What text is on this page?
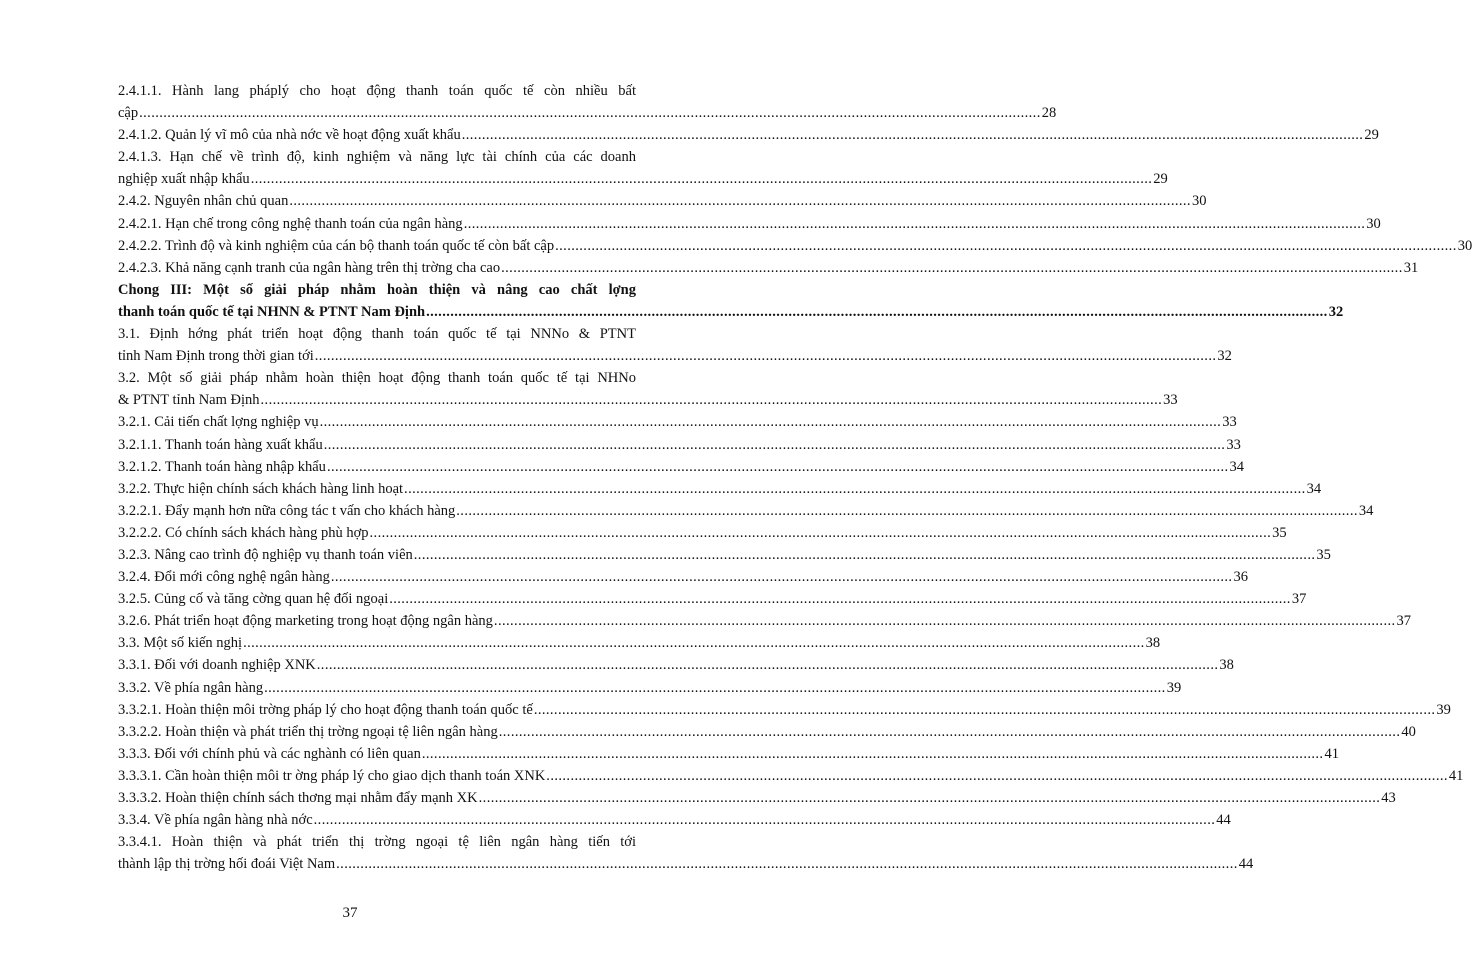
2.4.1.1. Hành lang pháplý cho hoạt động thanh toán quốc tế còn nhiều bất
cập .....	28
2.4.1.2. Quản lý vĩ mô của nhà nớc về hoạt động xuất khẩu .....	29
2.4.1.3. Hạn chế về trình độ, kinh nghiệm và năng lực tài chính của các doanh
nghiệp xuất nhập khẩu .....	29
2.4.2. Nguyên nhân chủ quan .....	30
2.4.2.1. Hạn chế trong công nghệ thanh toán của ngân hàng .....	30
2.4.2.2. Trình độ và kinh nghiệm của cán bộ thanh toán quốc tế còn bất cập .....	30
2.4.2.3. Khả năng cạnh tranh của ngân hàng trên thị trờng cha cao .....	31
Chong III: Một số giải pháp nhằm hoàn thiện và nâng cao chất lợng
thanh toán quốc tế tại NHNN & PTNT Nam Định .....	32
3.1. Định hớng phát triển hoạt động thanh toán quốc tế tại NNNo & PTNT
tỉnh Nam Định trong thời gian tới .....	32
3.2. Một số giải pháp nhằm hoàn thiện hoạt động thanh toán quốc tế tại NHNo
& PTNT tỉnh Nam Định .....	33
3.2.1. Cải tiến chất lợng nghiệp vụ .....	33
3.2.1.1. Thanh toán hàng xuất khẩu .....	33
3.2.1.2. Thanh toán hàng nhập khẩu .....	34
3.2.2. Thực hiện chính sách khách hàng linh hoạt .....	34
3.2.2.1. Đẩy mạnh hơn nữa công tác t vấn cho khách hàng .....	34
3.2.2.2. Có chính sách khách hàng phù hợp .....	35
3.2.3. Nâng cao trình độ nghiệp vụ thanh toán viên .....	35
3.2.4. Đổi mới công nghệ ngân hàng .....	36
3.2.5. Củng cố và tăng cờng quan hệ đối ngoại .....	37
3.2.6. Phát triển hoạt động marketing trong hoạt động ngân hàng .....	37
3.3. Một số kiến nghị .....	38
3.3.1. Đối với doanh nghiệp XNK .....	38
3.3.2. Về phía ngân hàng .....	39
3.3.2.1. Hoàn thiện môi trờng pháp lý cho hoạt động thanh toán quốc tế .....	39
3.3.2.2. Hoàn thiện và phát triển thị trờng ngoại tệ liên ngân hàng .....	40
3.3.3. Đối với chính phủ và các nghành có liên quan .....	41
3.3.3.1. Cần hoàn thiện môi tr ờng pháp lý cho giao dịch thanh toán XNK .....	41
3.3.3.2. Hoàn thiện chính sách thơng mại nhằm đẩy mạnh XK .....	43
3.3.4. Về phía ngân hàng nhà nớc .....	44
3.3.4.1. Hoàn thiện và phát triển thị trờng ngoại tệ liên ngân hàng tiến tới
thành lập thị trờng hối đoái Việt Nam .....	44
37
